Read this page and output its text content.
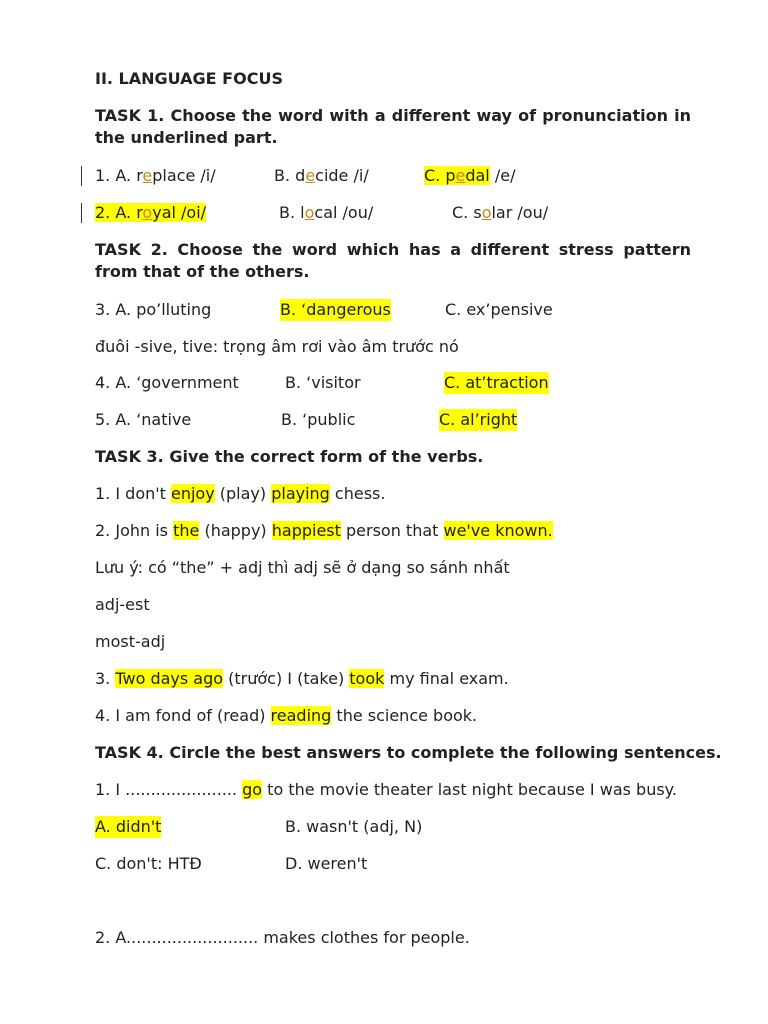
II. LANGUAGE FOCUS
TASK 1. Choose the word with a different way of pronunciation in the underlined part.
1. A. replace /i/	B. decide /i/	C. pedal /e/
2. A. royal /oi/	B. local /ou/	C. solar /ou/
TASK 2. Choose the word which has a different stress pattern from that of the others.
3. A. po’lluting	B. ‘dangerous	C. ex’pensive
đuôi -sive, tive: trọng âm rơi vào âm trước nó
4. A. ‘government	B. ‘visitor	C. at’traction
5. A. ‘native	B. ‘public	C. al’right
TASK 3. Give the correct form of the verbs.
1. I don't enjoy (play) playing chess.
2. John is the (happy) happiest person that we've known.
Lưu ý: có “the” + adj thì adj sẽ ở dạng so sánh nhất
adj-est
most-adj
3. Two days ago (trước) I (take) took my final exam.
4. I am fond of (read) reading the science book.
TASK 4. Circle the best answers to complete the following sentences.
1. I ...................... go to the movie theater last night because I was busy.
A. didn't	B. wasn't (adj, N)
C. don't: HTĐ	D. weren't
2. A.......................... makes clothes for people.
